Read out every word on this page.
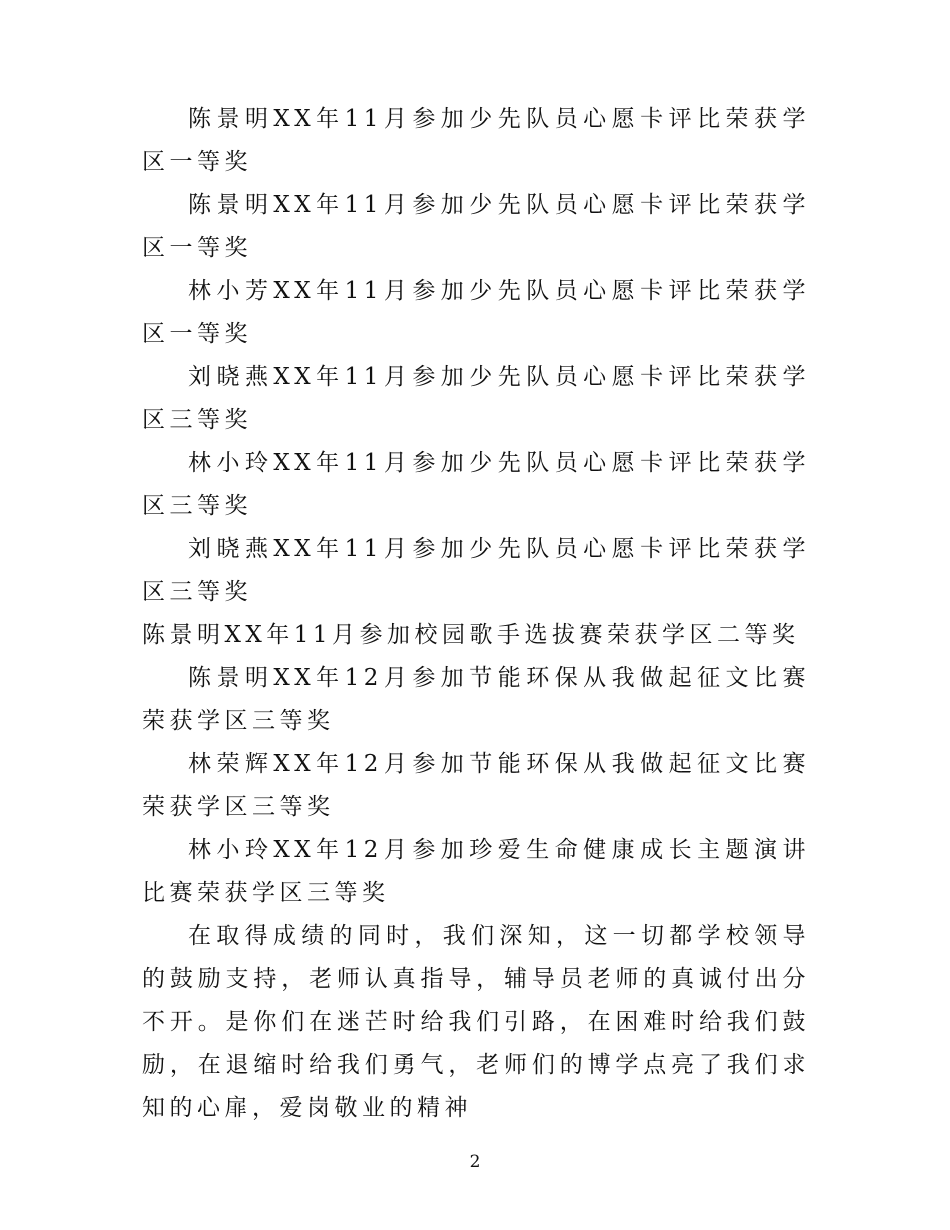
陈景明XX年11月参加少先队员心愿卡评比荣获学区一等奖

陈景明XX年11月参加少先队员心愿卡评比荣获学区一等奖

林小芳XX年11月参加少先队员心愿卡评比荣获学区一等奖

刘晓燕XX年11月参加少先队员心愿卡评比荣获学区三等奖

林小玲XX年11月参加少先队员心愿卡评比荣获学区三等奖

刘晓燕XX年11月参加少先队员心愿卡评比荣获学区三等奖

陈景明XX年11月参加校园歌手选拔赛荣获学区二等奖

陈景明XX年12月参加节能环保从我做起征文比赛荣获学区三等奖

林荣辉XX年12月参加节能环保从我做起征文比赛荣获学区三等奖

林小玲XX年12月参加珍爱生命健康成长主题演讲比赛荣获学区三等奖

在取得成绩的同时，我们深知，这一切都学校领导的鼓励支持，老师认真指导，辅导员老师的真诚付出分不开。是你们在迷芒时给我们引路，在困难时给我们鼓励，在退缩时给我们勇气，老师们的博学点亮了我们求知的心扉，爱岗敬业的精神

2
